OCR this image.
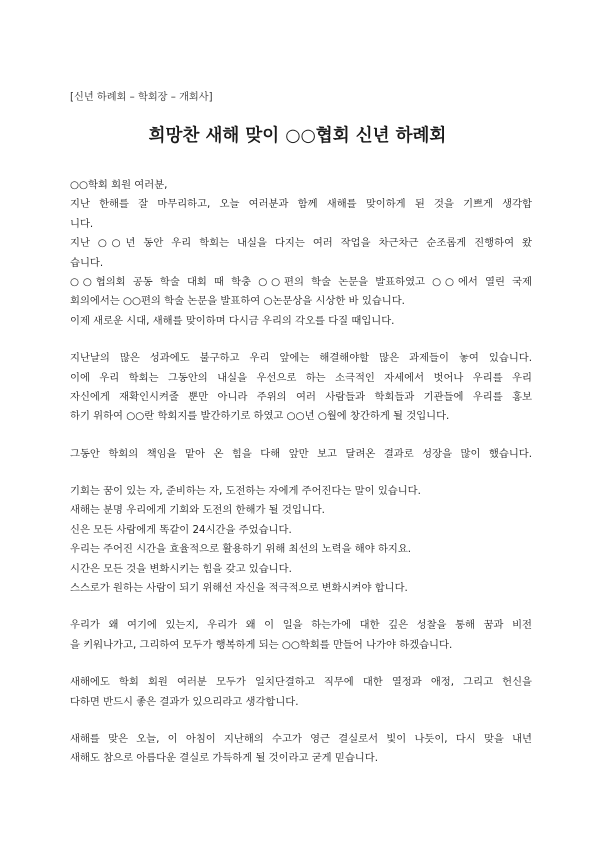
[신년 하례회 – 학회장 – 개회사]
희망찬 새해 맞이 ○○협회 신년 하례회
○○학회 회원 여러분,
지난 한해를 잘 마무리하고, 오늘 여러분과 함께 새해를 맞이하게 된 것을 기쁘게 생각합
니다.
지난 ○○년 동안 우리 학회는 내실을 다지는 여러 작업을 차근차근 순조롭게 진행하여 왔
습니다.
○○협의회 공동 학술 대회 때 학충 ○○편의 학술 논문을 발표하였고 ○○에서 열린 국제
회의에서는 ○○편의 학술 논문을 발표하여 ○논문상을 시상한 바 있습니다.
이제 새로운 시대, 새해를 맞이하며 다시금 우리의 각오를 다질 때입니다.
지난날의 많은 성과에도 불구하고 우리 앞에는 해결해야할 많은 과제들이 놓여 있습니다.
이에 우리 학회는 그동안의 내실을 우선으로 하는 소극적인 자세에서 벗어나 우리를 우리
자신에게 재확인시켜줄 뿐만 아니라 주위의 여러 사람들과 학회들과 기관들에 우리를 홍보
하기 위하여 ○○란 학회지를 발간하기로 하였고 ○○년 ○월에 창간하게 될 것입니다.
그동안 학회의 책임을 맡아 온 힘을 다해 앞만 보고 달려온 결과로 성장을 많이 했습니다.
기회는 꿈이 있는 자, 준비하는 자, 도전하는 자에게 주어진다는 말이 있습니다.
새해는 분명 우리에게 기회와 도전의 한해가 될 것입니다.
신은 모든 사람에게 똑같이 24시간을 주었습니다.
우리는 주어진 시간을 효율적으로 활용하기 위해 최선의 노력을 해야 하지요.
시간은 모든 것을 변화시키는 힘을 갖고 있습니다.
스스로가 원하는 사람이 되기 위해선 자신을 적극적으로 변화시켜야 합니다.
우리가 왜 여기에 있는지, 우리가 왜 이 일을 하는가에 대한 깊은 성찰을 통해 꿈과 비전
을 키워나가고, 그리하여 모두가 행복하게 되는 ○○학회를 만들어 나가야 하겠습니다.
새해에도 학회 회원 여러분 모두가 일치단결하고 직무에 대한 열정과 애정, 그리고 헌신을
다하면 반드시 좋은 결과가 있으리라고 생각합니다.
새해를 맞은 오늘, 이 아침이 지난해의 수고가 영근 결실로서 빛이 나듯이, 다시 맞을 내년
새해도 참으로 아름다운 결실로 가득하게 될 것이라고 굳게 믿습니다.
